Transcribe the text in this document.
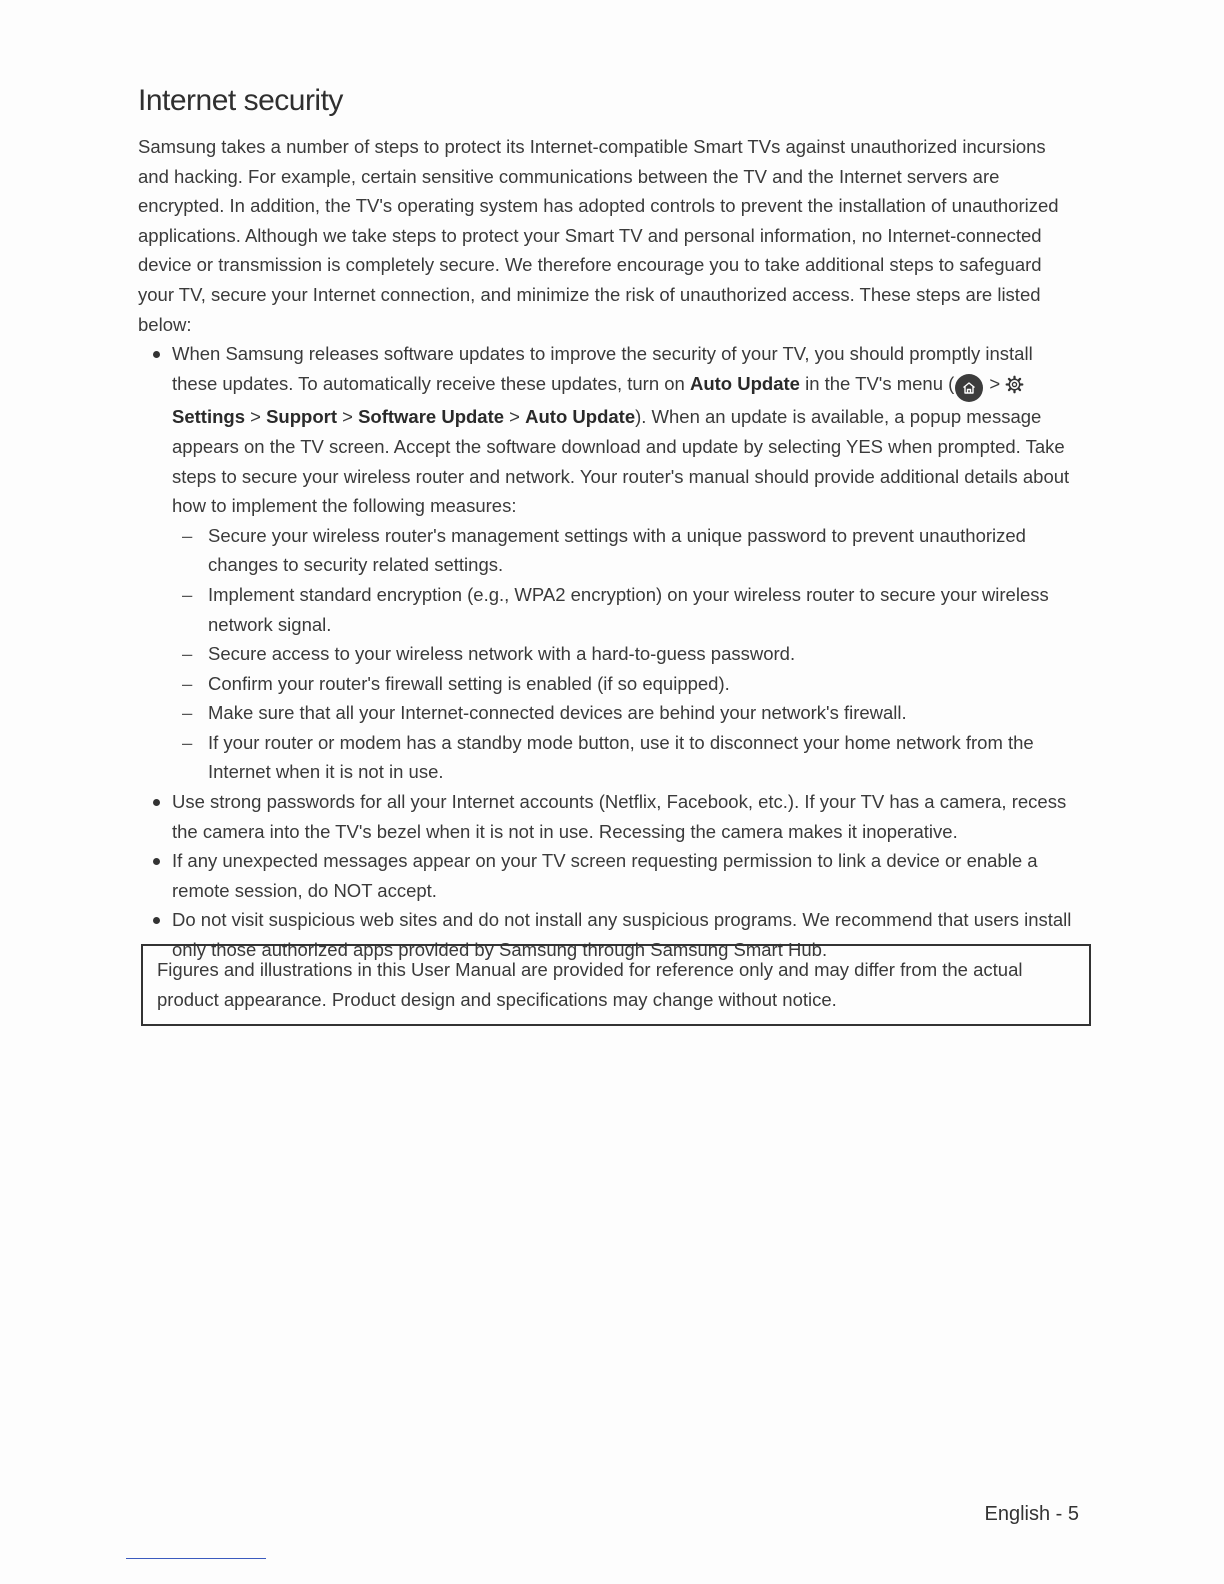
Internet security

Samsung takes a number of steps to protect its Internet-compatible Smart TVs against unauthorized incursions and hacking. For example, certain sensitive communications between the TV and the Internet servers are encrypted. In addition, the TV's operating system has adopted controls to prevent the installation of unauthorized applications. Although we take steps to protect your Smart TV and personal information, no Internet-connected device or transmission is completely secure. We therefore encourage you to take additional steps to safeguard your TV, secure your Internet connection, and minimize the risk of unauthorized access. These steps are listed below:

When Samsung releases software updates to improve the security of your TV, you should promptly install these updates. To automatically receive these updates, turn on Auto Update in the TV's menu (
> Settings > Support > Software Update > Auto Update). When an update is available, a popup message appears on the TV screen. Accept the software download and update by selecting YES when prompted. Take steps to secure your wireless router and network. Your router's manual should provide additional details about how to implement the following measures:
– Secure your wireless router's management settings with a unique password to prevent unauthorized changes to security related settings.
– Implement standard encryption (e.g., WPA2 encryption) on your wireless router to secure your wireless network signal.
– Secure access to your wireless network with a hard-to-guess password.
– Confirm your router's firewall setting is enabled (if so equipped).
– Make sure that all your Internet-connected devices are behind your network's firewall.
– If your router or modem has a standby mode button, use it to disconnect your home network from the Internet when it is not in use.
Use strong passwords for all your Internet accounts (Netflix, Facebook, etc.). If your TV has a camera, recess the camera into the TV's bezel when it is not in use. Recessing the camera makes it inoperative.
If any unexpected messages appear on your TV screen requesting permission to link a device or enable a remote session, do NOT accept.
Do not visit suspicious web sites and do not install any suspicious programs. We recommend that users install only those authorized apps provided by Samsung through Samsung Smart Hub.
Figures and illustrations in this User Manual are provided for reference only and may differ from the actual product appearance. Product design and specifications may change without notice.
English - 5
